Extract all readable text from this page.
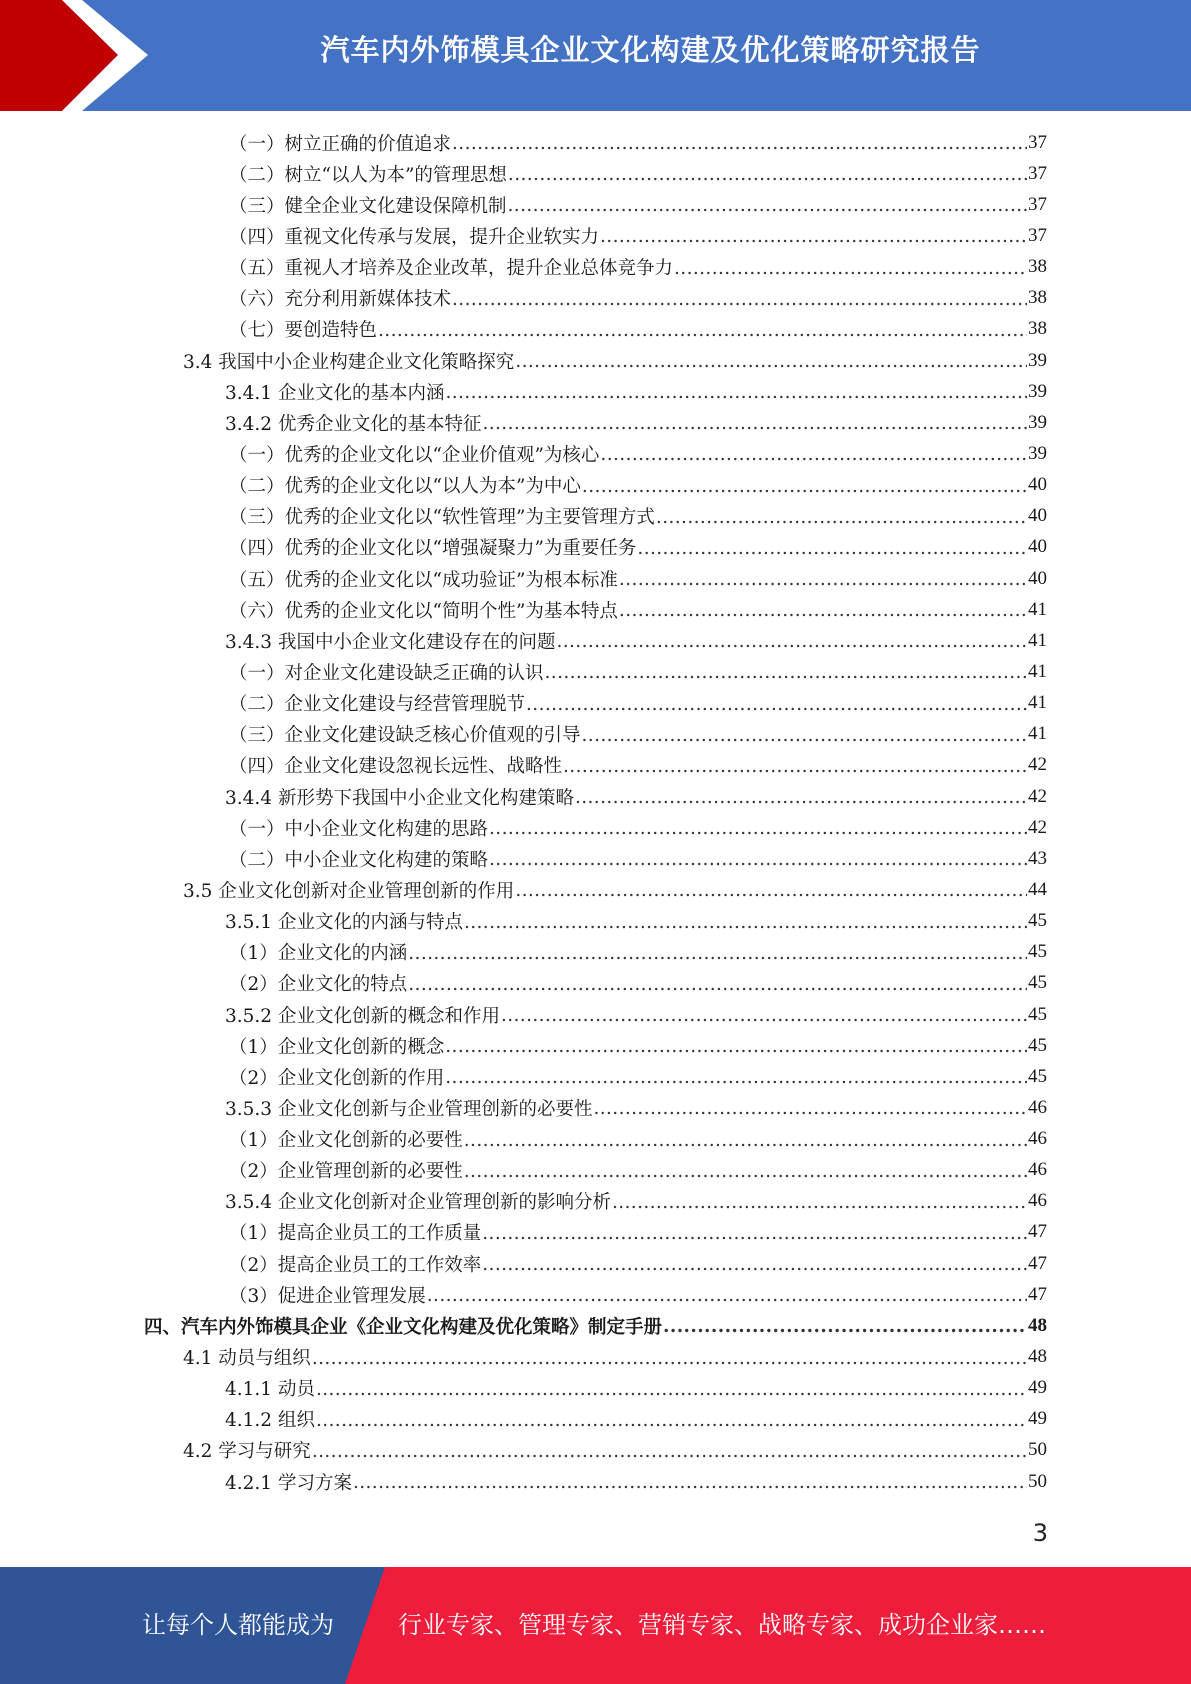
汽车内外饰模具企业文化构建及优化策略研究报告
（一）树立正确的价值追求 .....	37
（二）树立“以人为本”的管理思想 .....	37
（三）健全企业文化建设保障机制 .....	37
（四）重视文化传承与发展，提升企业软实力 .....	37
（五）重视人才培养及企业改革，提升企业总体竞争力 .....	38
（六）充分利用新媒体技术 .....	38
（七）要创造特色 .....	38
3.4 我国中小企业构建企业文化策略探究 .....	39
3.4.1 企业文化的基本内涵 .....	39
3.4.2 优秀企业文化的基本特征 .....	39
（一）优秀的企业文化以“企业价值观”为核心 .....	39
（二）优秀的企业文化以“以人为本”为中心 .....	40
（三）优秀的企业文化以“软性管理”为主要管理方式 .....	40
（四）优秀的企业文化以“增强凝聚力”为重要任务 .....	40
（五）优秀的企业文化以“成功验证”为根本标准 .....	40
（六）优秀的企业文化以“简明个性”为基本特点 .....	41
3.4.3 我国中小企业文化建设存在的问题 .....	41
（一）对企业文化建设缺乏正确的认识 .....	41
（二）企业文化建设与经营管理脱节 .....	41
（三）企业文化建设缺乏核心价值观的引导 .....	41
（四）企业文化建设忽视长远性、战略性 .....	42
3.4.4 新形势下我国中小企业文化构建策略 .....	42
（一）中小企业文化构建的思路 .....	42
（二）中小企业文化构建的策略 .....	43
3.5 企业文化创新对企业管理创新的作用 .....	44
3.5.1 企业文化的内涵与特点 .....	45
（1）企业文化的内涵 .....	45
（2）企业文化的特点 .....	45
3.5.2 企业文化创新的概念和作用 .....	45
（1）企业文化创新的概念 .....	45
（2）企业文化创新的作用 .....	45
3.5.3 企业文化创新与企业管理创新的必要性 .....	46
（1）企业文化创新的必要性 .....	46
（2）企业管理创新的必要性 .....	46
3.5.4 企业文化创新对企业管理创新的影响分析 .....	46
（1）提高企业员工的工作质量 .....	47
（2）提高企业员工的工作效率 .....	47
（3）促进企业管理发展 .....	47
四、汽车内外饰模具企业《企业文化构建及优化策略》制定手册 .....	48
4.1 动员与组织 .....	48
4.1.1 动员 .....	49
4.1.2 组织 .....	49
4.2 学习与研究 .....	50
4.2.1 学习方案 .....	50
3
让每个人都能成为	行业专家、管理专家、营销专家、战略专家、成功企业家……
